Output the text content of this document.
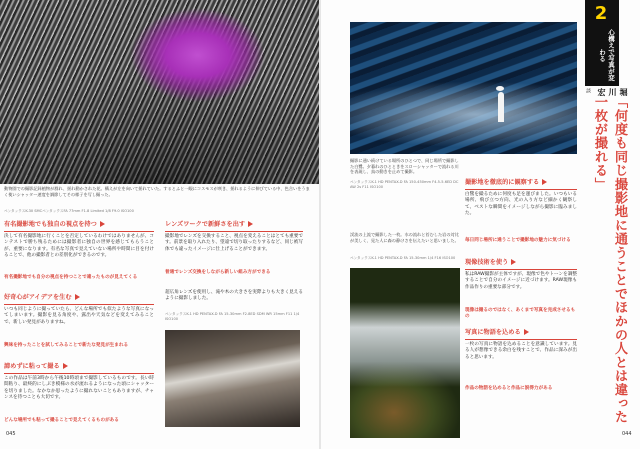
動物園での撮影記録植物が群れ、揺れ動かされた花。構えが左を向いて揺れていた。するとふと一眼にコスモスが咲き、揺れるように伸びている中、色合いをうまく使いシャッター速度を調節してその様子を写し撮った。
ペンタックスK-3II SMCペンタックスFA 77mm F1.8 Limited 1/8 F9.0 ISO100
有名撮影地でも独自の視点を持つ
決して有名撮影地に行くことを否定しているわけではありませんが、コンテストで勝ち残るためには撮影者に独自の世界を感じてもらうことが、重要になります。有名な写真で見えていない場所や時間に目を付けることで、他の撮影者との差別化ができるのです。
有名撮影地でも自分の視点を持つことで違ったものが見えてくる
好奇心がアイデアを生む
いつも同じように撮っていたら、どんな場所でも似たような写真になってしまいます。撮影を見る角度や、露出や天気などを変えてみることで、新しい発見がありますね。
興味を持ったことを試してみることで新たな発見が生まれる
諦めずに粘って撮る
この作品は午前3時から午後10時頃まで撮影しているものです。長い時間粘り、最終的にしぶき模様の水が流れるようになった頃にシャッターを切りました。なかなか思ったように撮れないこともありますが、チャンスを待つことも大切です。
どんな場所でも粘って撮ることで見えてくるものがある
レンズワークで新鮮さを出す
撮影地でレンズを交換すること、視点を変えることはとても重要です。前景を取り入れたり、望遠で切り取ったりするなど、同じ被写体でも違ったイメージに仕上げることができます。
普通でレンズ交換をしながら新しい組み方ができる
超広角レンズを使用し、滝や木の大きさを実際よりも大きく見えるように撮影しました。
ペンタックスK-1 HD PENTAX-D FA 15-30mm F2.8ED SDM WR 15mm F11 1/4 ISO100
045
撮影に通い続けている場所のひとつで、同じ場所で撮影した白鷺。夕暮れのひとときをスローシャッターで流れる川を表現し、鳥の動きを止めて撮影。
ペンタックスK-1 HD PENTAX-D FA 150-450mm F4.5-5.6ED DC AW 2s F11 ISO100
撮影地を徹底的に観察する
白鷺を撮るために何度も足を運びました。いつもいる場所、飛び立つ方向、光の入り方など細かく観察して、ベストな瞬間をイメージしながら撮影に臨みました。
毎日同じ場所に通うことで撮影地の魅力に気づける
現像技術を使う
私はRAW撮影が主体ですが、現像で色やトーンを調整することで自分のイメージに近づけます。RAW現像も作品作りの重要な部分です。
現像は撮るのではなく、あくまで写真を完成させるもの
写真に物語を込める
一枚の写真に物語を込めることを意識しています。見る人が想像できる余白を残すことで、作品に深みが出ると思います。
作品の物語を込めると作品に説得力がある
渓流の上流で撮影した一枚。水の流れと苔むした岩の対比が美しく、見た人に森の静けさを伝えたいと思いました。
ペンタックスK-1 HD PENTAX-D FA 15-30mm 1/4 F16 ISO100
2
心構えで写真が変わる
談	堀川宏
「何度も同じ撮影地に通うことでほかの人とは違った一枚が撮れる」
044
